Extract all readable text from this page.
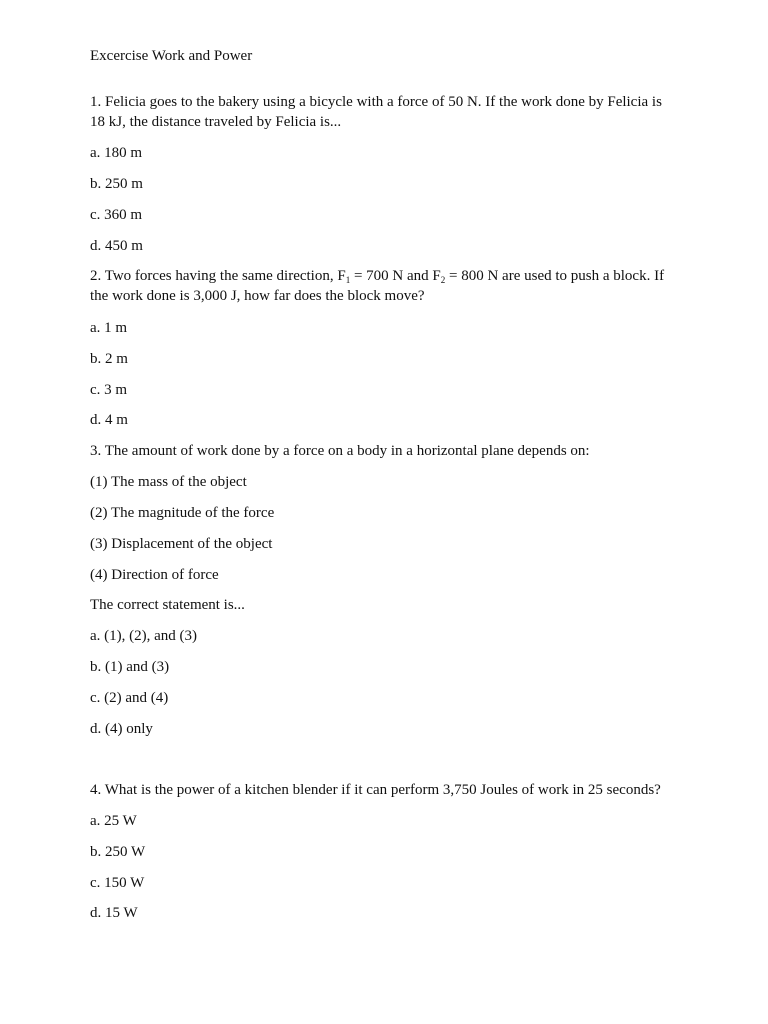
Excercise Work and Power
1. Felicia goes to the bakery using a bicycle with a force of 50 N. If the work done by Felicia is 18 kJ, the distance traveled by Felicia is...
a. 180 m
b. 250 m
c. 360 m
d. 450 m
2. Two forces having the same direction, $F_1 = 700$ N and $F_2 = 800$ N are used to push a block. If the work done is 3,000 J, how far does the block move?
a. 1 m
b. 2 m
c. 3 m
d. 4 m
3. The amount of work done by a force on a body in a horizontal plane depends on:
(1) The mass of the object
(2) The magnitude of the force
(3) Displacement of the object
(4) Direction of force
The correct statement is...
a. (1), (2), and (3)
b. (1) and (3)
c. (2) and (4)
d. (4) only
4. What is the power of a kitchen blender if it can perform 3,750 Joules of work in 25 seconds?
a. 25 W
b. 250 W
c. 150 W
d. 15 W
